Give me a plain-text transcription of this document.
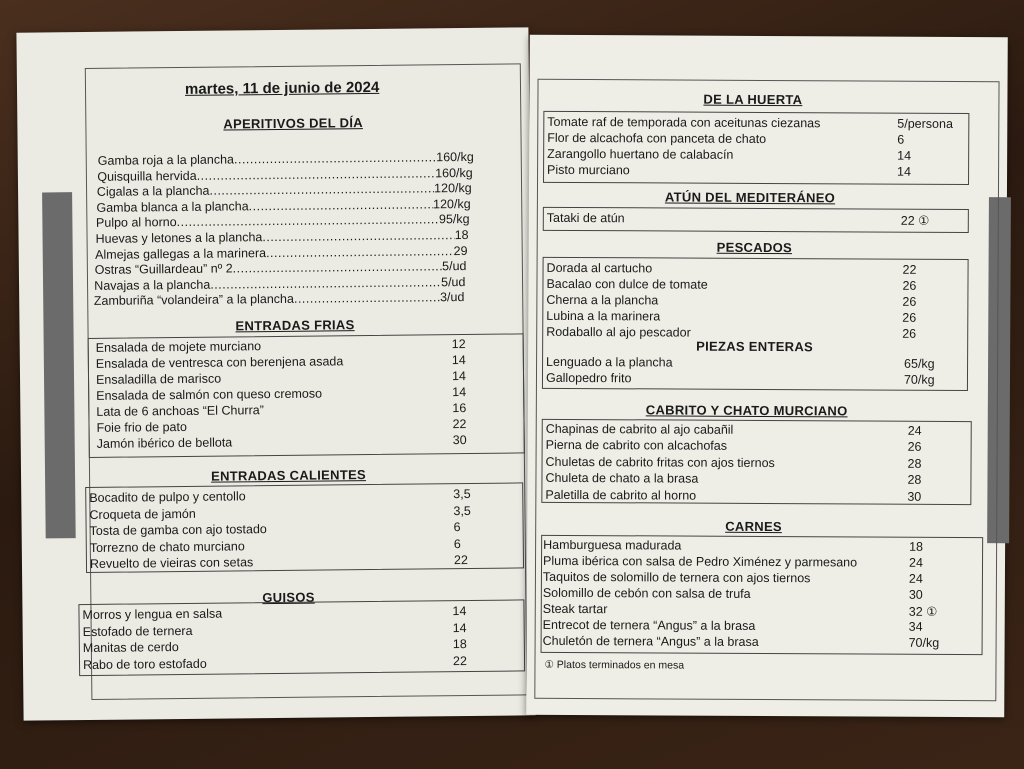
martes, 11 de junio de 2024
APERITIVOS DEL DÍA
Gamba roja a la plancha .....	160/kg
Quisquilla hervida .....	160/kg
Cigalas a la plancha .....	120/kg
Gamba blanca a la plancha .....	120/kg
Pulpo al horno .....	95/kg
Huevas y letones a la plancha .....	18
Almejas gallegas a la marinera .....	29
Ostras “Guillardeau” nº 2 .....	5/ud
Navajas a la plancha .....	5/ud
Zamburiña “volandeira” a la plancha .....	3/ud
ENTRADAS FRIAS
Ensalada de mojete murciano	12
Ensalada de ventresca con berenjena asada	14
Ensaladilla de marisco	14
Ensalada de salmón con queso cremoso	14
Lata de 6 anchoas “El Churra”	16
Foie frio de pato	22
Jamón ibérico de bellota	30
ENTRADAS CALIENTES
Bocadito de pulpo y centollo	3,5
Croqueta de jamón	3,5
Tosta de gamba con ajo tostado	6
Torrezno de chato murciano	6
Revuelto de vieiras con setas	22
GUISOS
Morros y lengua en salsa	14
Estofado de ternera	14
Manitas de cerdo	18
Rabo de toro estofado	22
DE LA HUERTA
Tomate raf de temporada con aceitunas ciezanas	5/persona
Flor de alcachofa con panceta de chato	6
Zarangollo huertano de calabacín	14
Pisto murciano	14
ATÚN DEL MEDITERÁNEO
Tataki de atún	22 ①
PESCADOS
Dorada al cartucho	22
Bacalao con dulce de tomate	26
Cherna a la plancha	26
Lubina a la marinera	26
Rodaballo al ajo pescador	26
PIEZAS ENTERAS
Lenguado a la plancha	65/kg
Gallopedro frito	70/kg
CABRITO Y CHATO MURCIANO
Chapinas de cabrito al ajo cabañil	24
Pierna de cabrito con alcachofas	26
Chuletas de cabrito fritas con ajos tiernos	28
Chuleta de chato a la brasa	28
Paletilla de cabrito al horno	30
CARNES
Hamburguesa madurada	18
Pluma ibérica con salsa de Pedro Ximénez y parmesano	24
Taquitos de solomillo de ternera con ajos tiernos	24
Solomillo de cebón con salsa de trufa	30
Steak tartar	32 ①
Entrecot de ternera “Angus” a la brasa	34
Chuletón de ternera “Angus” a la brasa	70/kg
① Platos terminados en mesa
